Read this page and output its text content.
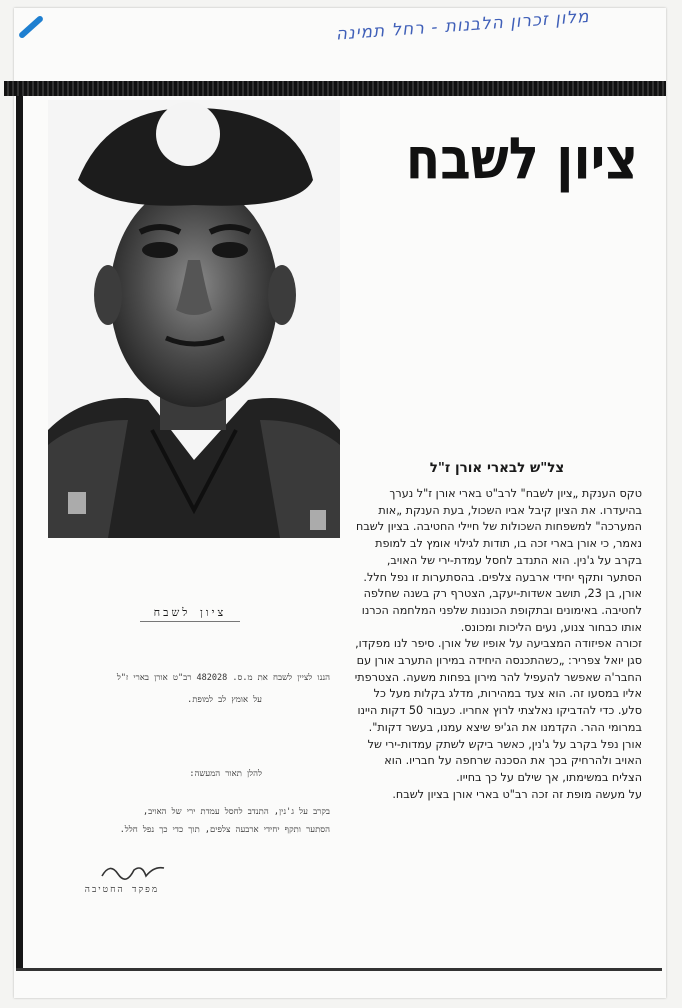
מלון זכרון הלבנות - רחל תמינה
ציון לשבח

צל"ש לבארי אורן ז"ל

טקס הענקת „ציון לשבח" לרב"ט בארי אורן ז"ל נערך בהיעדרו. את הציון קיבל אביו השכול, בעת הענקת „אות המערכה" למשפחות השכולות של חיילי החטיבה. בציון לשבח נאמר, כי אורן בארי זכה בו, תודות לגילוי אומץ לב למופת בקרב על ג'נין. הוא התנדב לחסל עמדת-ירי של האויב, הסתער ותקף יחידי ארבעה צלפים. בהסתערות זו נפל חלל.

אורן, בן 23, תושב אשדות-יעקב, הצטרף רק בשנה שחלפה לחטיבה. באימונים ובתקופת הכוננות שלפני המלחמה הכרנו אותו כבחור צנוע, נעים הליכות ומכונס.

זכורה אפיזודה המצביעה על אופיו של אורן. סיפר לנו מפקדו, סגן יואל צפריר: „כשהתכנסה היחידה במירון התערב אורן עם החבר'ה שאפשר להעפיל להר מירון בפחות משעה. הצטרפתי אליו במסעו זה. הוא צעד במהירות, מדלג בקלות מעל כל סלע. כדי להדביקו נאלצתי לרוץ אחריו. כעבור 50 דקות היינו במרומי ההר. הקדמנו את הג'יפ שיצא עמנו, בעשר דקות".

אורן נפל בקרב על ג'נין, כאשר ביקש לשתק עמדות-ירי של האויב ולהרחיק בכך את הסכנה שרחפה על חבריו. הוא הצליח במשימתו, אך שילם על כך בחייו.

על מעשה מופת זה זכה רב"ט בארי אורן בציון לשבח.

ציון לשבח
הננו לציין לשבח את מ.ס. 482028 רב"ט אורן בארי ז"ל
על אומץ לב למופת.
להלן תאור המעשה:
בקרב על ג'נין, התנדב לחסל עמדת ירי של האויב,
הסתער ותקף יחידי ארבעה צלפים, תוך כדי כך נפל חלל.
מפקד החטיבה
